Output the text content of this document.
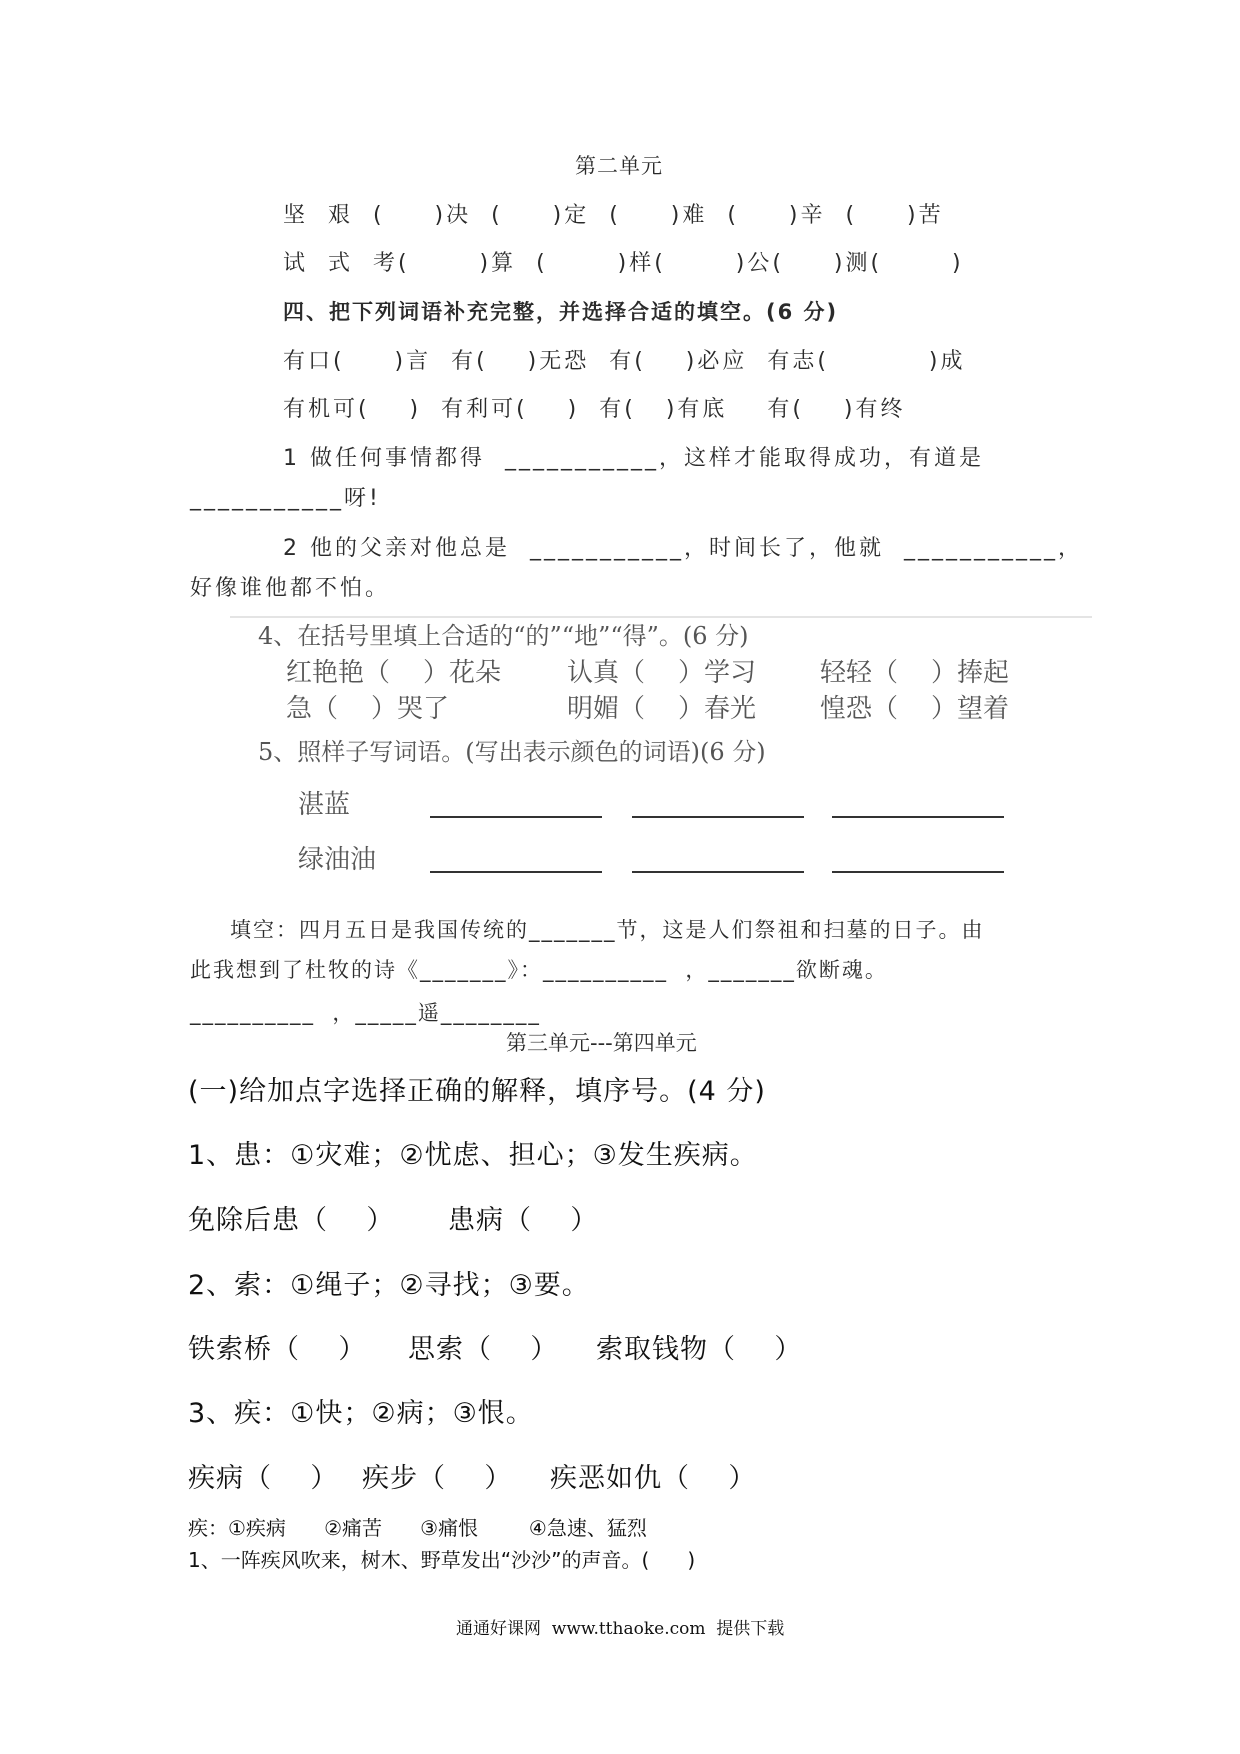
第二单元
坚  艰  (     )决  (     )定  (     )难  (     )辛  (     )苦
试  式  考(       )算  (       )样(       )公(     )测(       )
四、把下列词语补充完整，并选择合适的填空。(6 分)
有口(     )言  有(    )无恐  有(    )必应  有志(          )成
有机可(    )  有利可(    )  有(   )有底    有(    )有终
1 做任何事情都得  ___________，这样才能取得成功，有道是
___________呀!
2 他的父亲对他总是  ___________，时间长了，他就  ___________，
好像谁他都不怕。
4、在括号里填上合适的“的”“地”“得”。(6 分)
红艳艳（    ）花朵	认真（    ）学习 轻轻（    ）捧起
急（    ）哭了	明媚（    ）春光 惶恐（    ）望着
5、照样子写词语。(写出表示颜色的词语)(6 分)
湛蓝
绿油油
填空：四月五日是我国传统的_______节，这是人们祭祖和扫墓的日子。由
此我想到了杜牧的诗《_______》：__________  ，_______欲断魂。
__________  ，_____遥________
第三单元---第四单元
(一)给加点字选择正确的解释，填序号。(4 分)
1、患：①灾难；②忧虑、担心；③发生疾病。
免除后患（    ） 患病（    ）
2、索：①绳子；②寻找；③要。
铁索桥（    ） 思索（    ） 索取钱物（    ）
3、疾：①快；②病；③恨。
疾病（    ） 疾步（    ） 疾恶如仇（    ）
疾：①疾病      ②痛苦      ③痛恨        ④急速、猛烈
1、一阵疾风吹来，树木、野草发出“沙沙”的声音。(      )
通通好课网  www.tthaoke.com  提供下载
